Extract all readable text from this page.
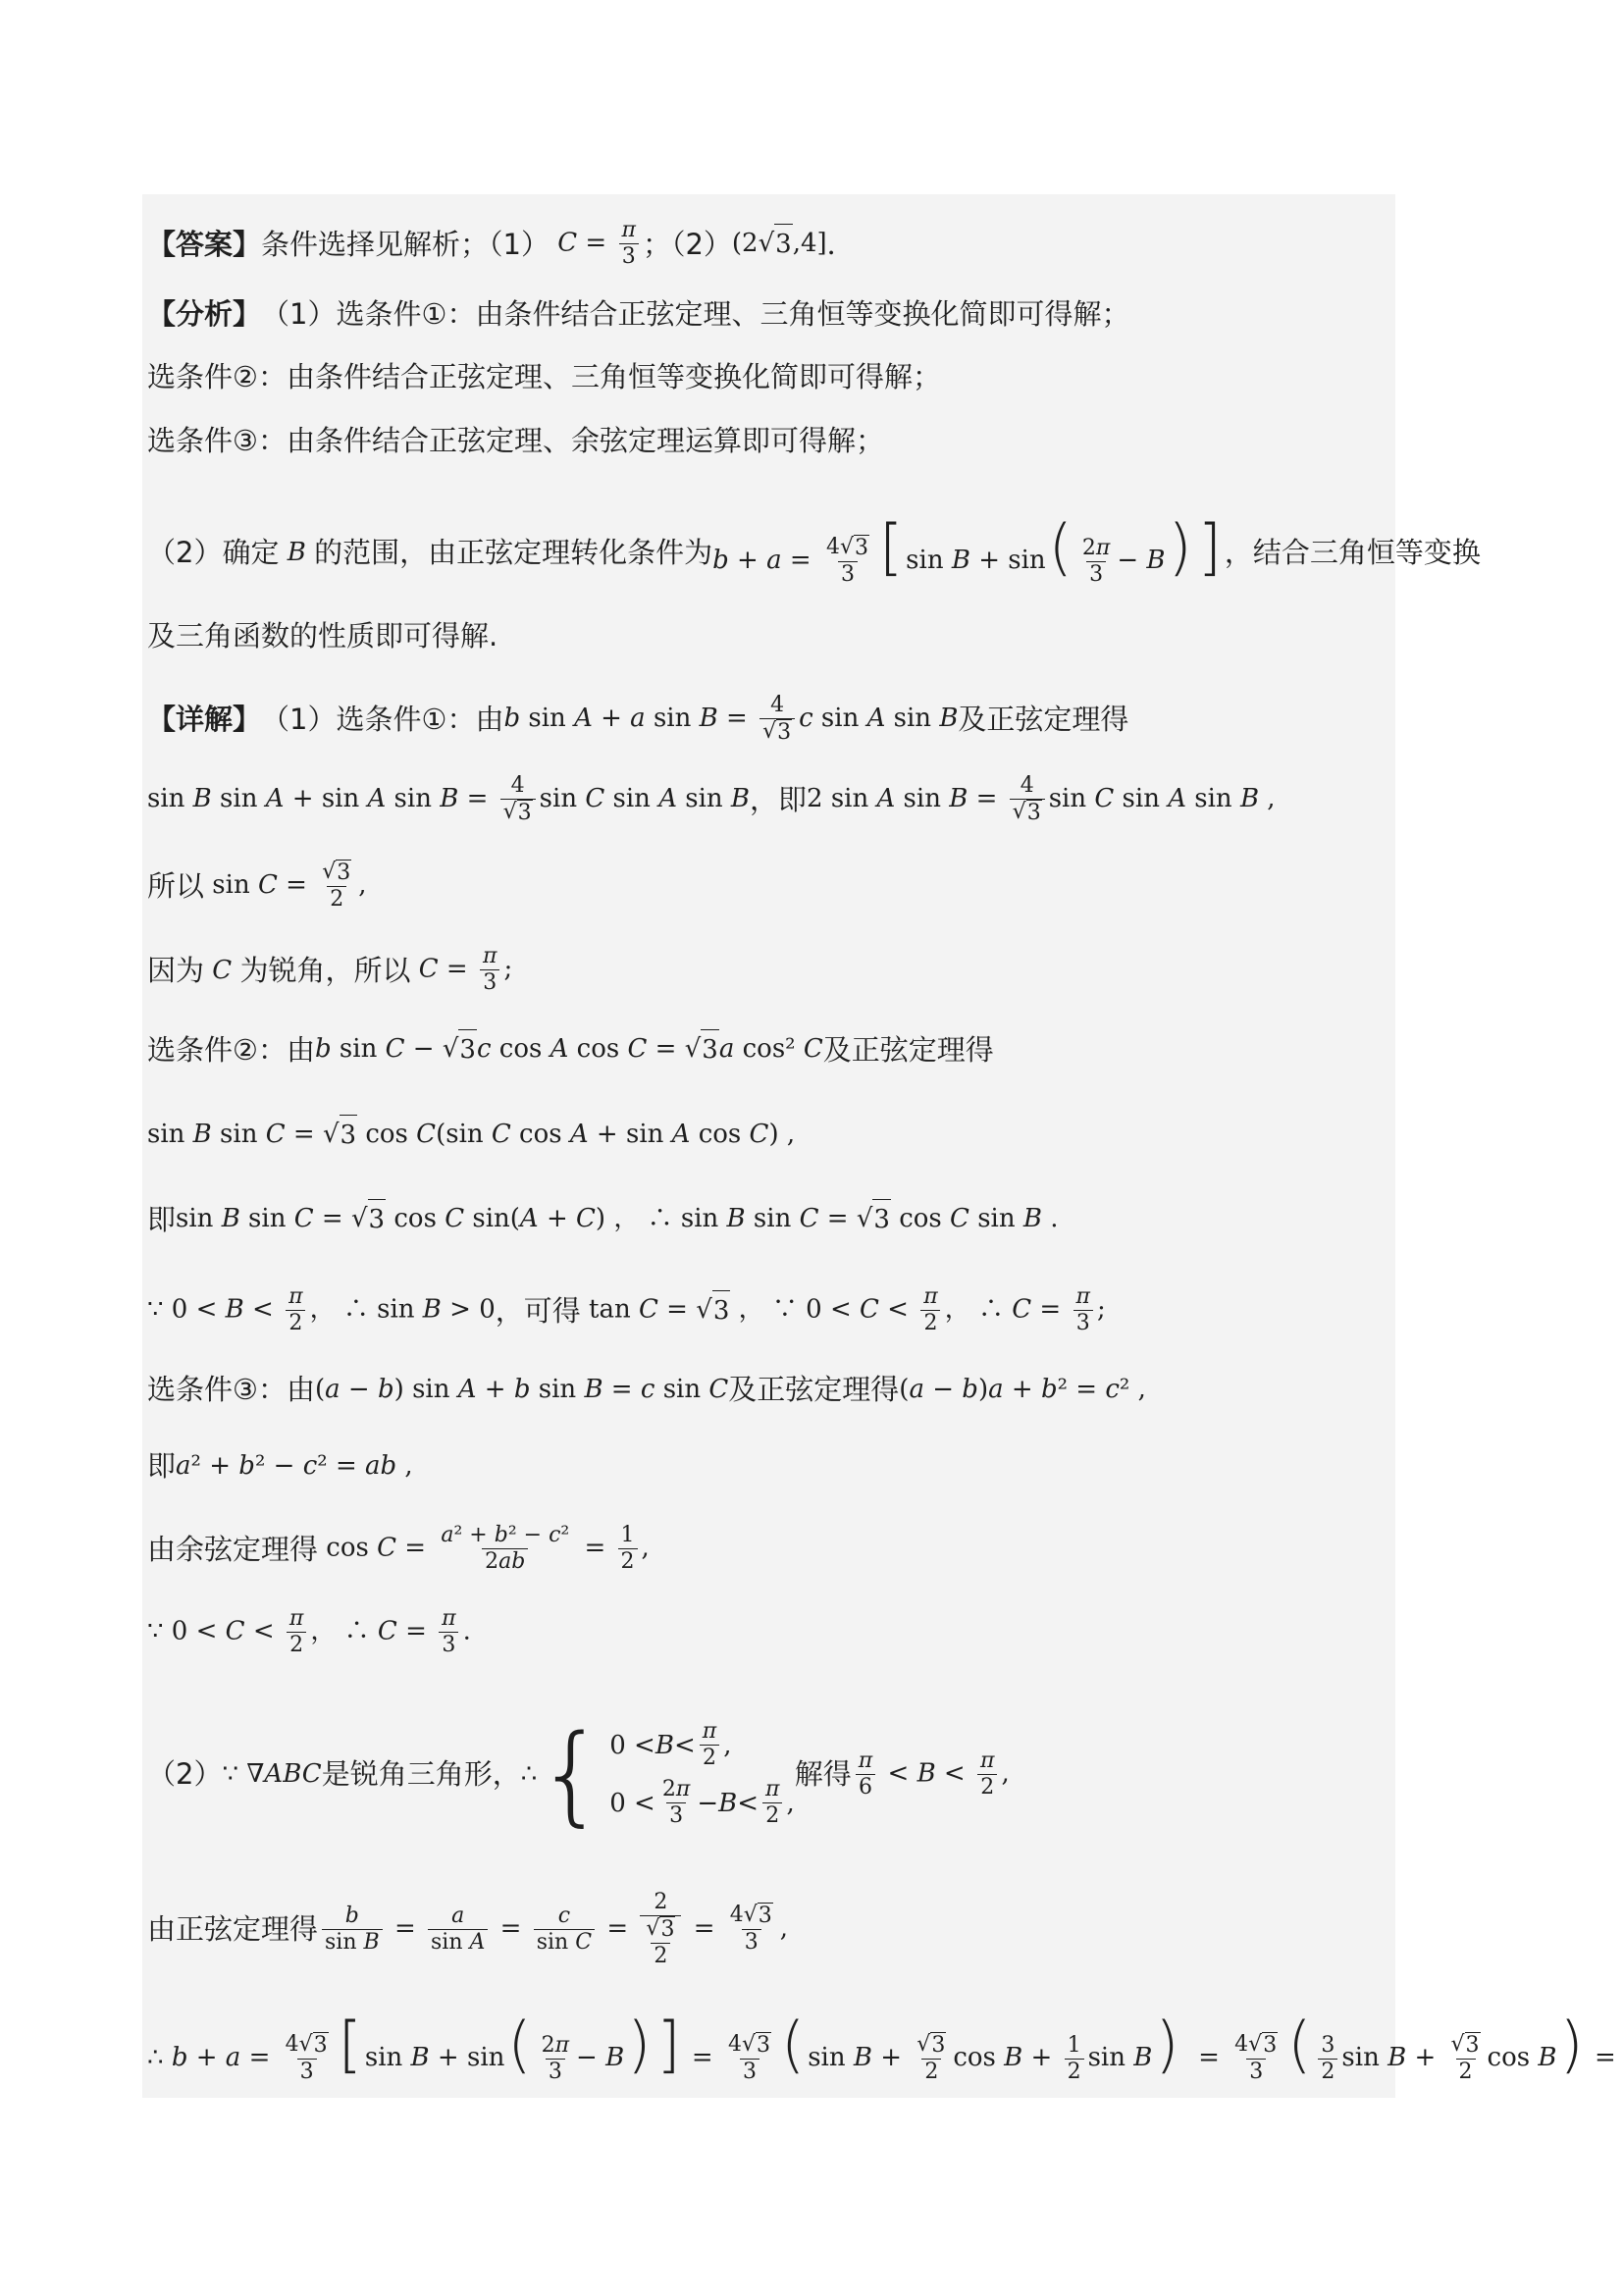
【答案】 条件选择见解析；（1） $C = \frac{\pi}{3}$ ；（2） (2 √ 3 ,4] ．
【分析】 （1）选条件①：由条件结合正弦定理、三角恒等变换化简即可得解；
选条件②：由条件结合正弦定理、三角恒等变换化简即可得解；
选条件③：由条件结合正弦定理、余弦定理运算即可得解；
（2）确定 B 的范围，由正弦定理转化条件为 $b + a = \frac{4 √ 3}{3}$ [ $\sin B + \sin( \frac{2\pi}{3} - B)$] ，结合三角恒等变换
及三角函数的性质即可得解.
【详解】 （1）选条件①：由 b sin A + a $\sin B = \frac{4}{√ 3}$ c sin A sin B 及正弦定理得
sin B sin A + sin A $\sin B = \frac{4}{√ 3}$ sin C sin A sin B ，即 2 sin A $\sin B = \frac{4}{√ 3}$ sin C sin A sin B ,
所以 $\sin C = \frac{√ 3}{2}$ ,
因为 C 为锐角，所以 $C = \frac{\pi}{3}$ ;
选条件②：由 b sin C − √ 3 c cos A cos C = √ 3 a cos² C 及正弦定理得
sin B sin C = √ 3 cos C(sin C cos A + sin A cos C) ,
即 sin B sin C = √ 3 cos C sin(A + C) ， ∴ sin B sin C = √ 3 cos C sin B .
∵ $0 < B < \frac{\pi}{2}$ ， ∴ sin B > 0 ，可得 tan C = √ 3 ， ∵ $0 < C < \frac{\pi}{2}$ ， ∴ $C = \frac{\pi}{3}$ ;
选条件③：由 (a − b) sin A + b sin B = c sin C 及正弦定理得 (a − b)a + b² = c² ,
即 a² + b² − c² = ab ,
由余弦定理得 $\cos C = \frac{\text{a² + b² − c²}}{2ab} = \frac{1}{2}$ ,
∵ $0 < C < \frac{\pi}{2}$ ， ∴ $C = \frac{\pi}{3}$ .
（2） ∵ ∇ABC 是锐角三角形， ∴ { $0 < B < \frac{\pi}{2}$ ,
$0 < \frac{2\pi}{3} - B < \frac{\pi}{2}$ ,
解得 $\frac{\pi}{6} < B < \frac{\pi}{2}$ ,
由正弦定理得 $\frac{b}{\text{sin B}} = \frac{a}{\text{sin A}} = \frac{c}{\text{sin C}} = \frac{2}{\frac{√ 3}{2}} = \frac{4 √ 3}{3}$ ,
∴ $b + a = \frac{4 √ 3}{3}$ [ $\sin B + \sin( \frac{2\pi}{3} - B)] = \frac{4 √ 3}{3}$ ( $\sin B + \frac{√ 3}{2}$ $\cos B + \frac{1}{2}$ $\sin B) = \frac{4 √ 3}{3}$ ( $\frac{3}{2}$ $\sin B + \frac{√ 3}{2}$ cos B) =
